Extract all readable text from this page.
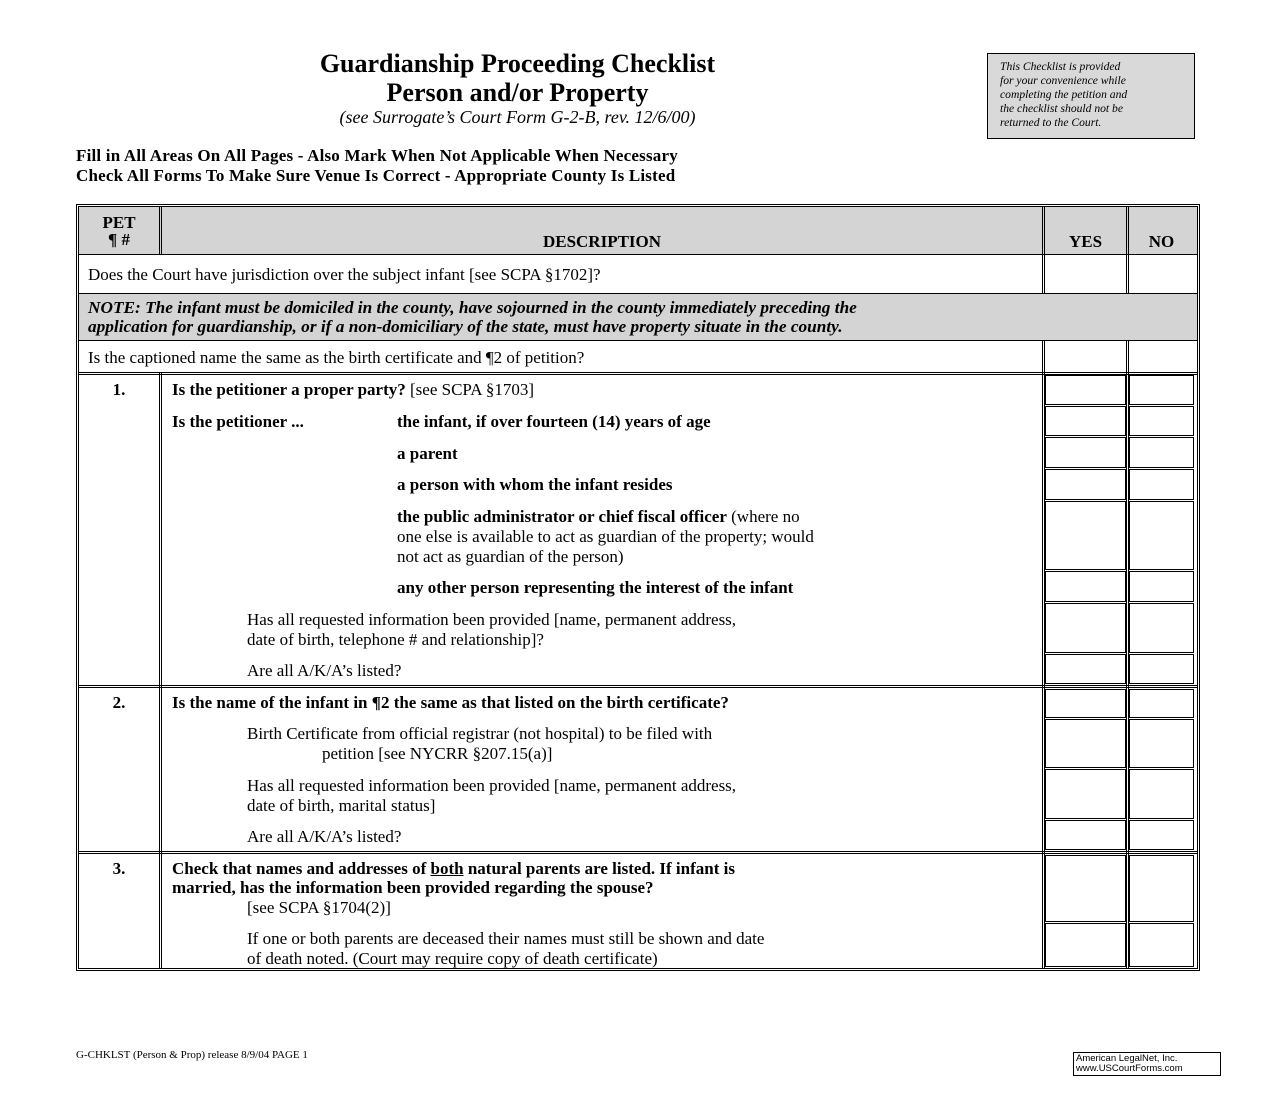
Guardianship Proceeding Checklist
Person and/or Property
(see Surrogate’s Court Form G-2-B, rev. 12/6/00)
This Checklist is provided
for your convenience while
completing the petition and
the checklist should not be
returned to the Court.
Fill in All Areas On All Pages - Also Mark When Not Applicable When Necessary
Check All Forms To Make Sure Venue Is Correct - Appropriate County Is Listed
PET
¶ #	DESCRIPTION	YES	NO
Does the Court have jurisdiction over the subject infant [see SCPA §1702]?
NOTE: The infant must be domiciled in the county, have sojourned in the county immediately preceding the
application for guardianship, or if a non-domiciliary of the state, must have property situate in the county.
Is the captioned name the same as the birth certificate and ¶2 of petition?
1.	Is the petitioner a proper party? [see SCPA §1703]
Is the petitioner ...	the infant, if over fourteen (14) years of age
a parent
a person with whom the infant resides
the public administrator or chief fiscal officer (where no
one else is available to act as guardian of the property; would
not act as guardian of the person)
any other person representing the interest of the infant
Has all requested information been provided [name, permanent address,
date of birth, telephone # and relationship]?
Are all A/K/A’s listed?
2.	Is the name of the infant in ¶2 the same as that listed on the birth certificate?
Birth Certificate from official registrar (not hospital) to be filed with
petition [see NYCRR §207.15(a)]
Has all requested information been provided [name, permanent address,
date of birth, marital status]
Are all A/K/A’s listed?
3.	Check that names and addresses of both natural parents are listed. If infant is
married, has the information been provided regarding the spouse?
[see SCPA §1704(2)]
If one or both parents are deceased their names must still be shown and date
of death noted. (Court may require copy of death certificate)
G-CHKLST (Person & Prop) release 8/9/04 PAGE 1	American LegalNet, Inc.
www.USCourtForms.com
